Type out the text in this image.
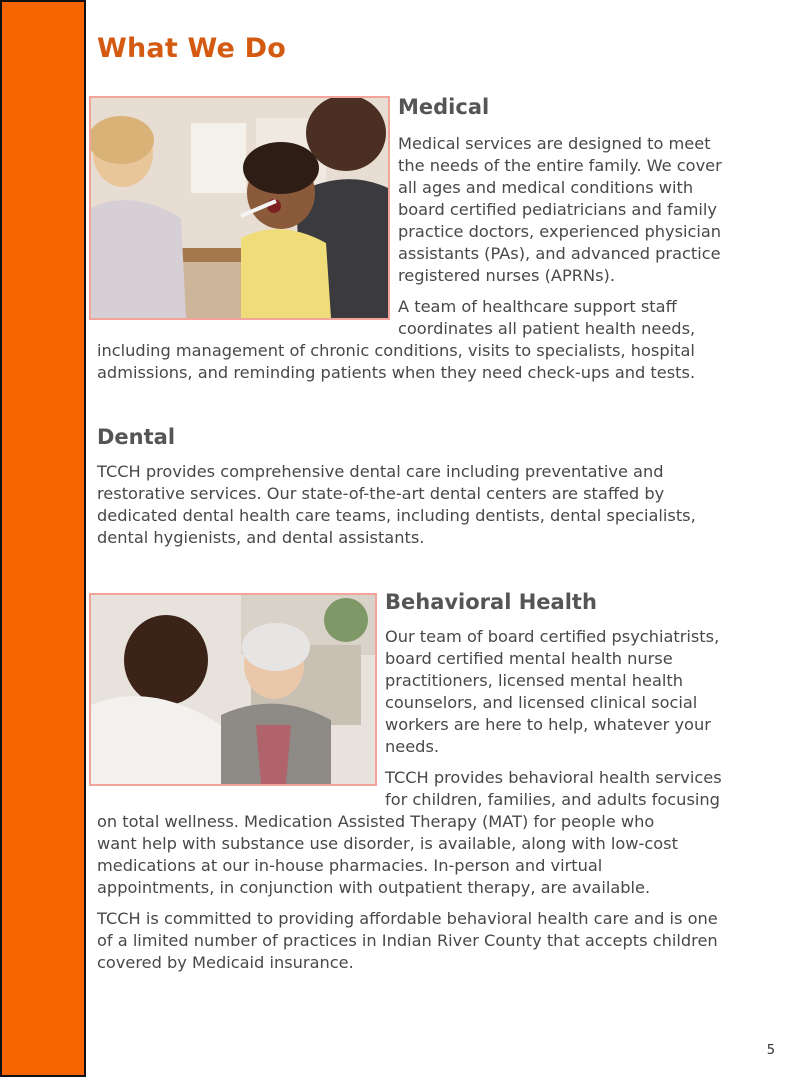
What We Do
Medical

Medical services are designed to meet
the needs of the entire family. We cover
all ages and medical conditions with
board certified pediatricians and family
practice doctors, experienced physician
assistants (PAs), and advanced practice
registered nurses (APRNs).

A team of healthcare support staff
coordinates all patient health needs,
including management of chronic conditions, visits to specialists, hospital
admissions, and reminding patients when they need check-ups and tests.

Dental

TCCH provides comprehensive dental care including preventative and
restorative services. Our state-of-the-art dental centers are staffed by
dedicated dental health care teams, including dentists, dental specialists,
dental hygienists, and dental assistants.

Behavioral Health

Our team of board certified psychiatrists,
board certified mental health nurse
practitioners, licensed mental health
counselors, and licensed clinical social
workers are here to help, whatever your
needs.

TCCH provides behavioral health services
for children, families, and adults focusing
on total wellness. Medication Assisted Therapy (MAT) for people who
want help with substance use disorder, is available, along with low-cost
medications at our in-house pharmacies. In-person and virtual
appointments, in conjunction with outpatient therapy, are available.

TCCH is committed to providing affordable behavioral health care and is one
of a limited number of practices in Indian River County that accepts children
covered by Medicaid insurance.

5
